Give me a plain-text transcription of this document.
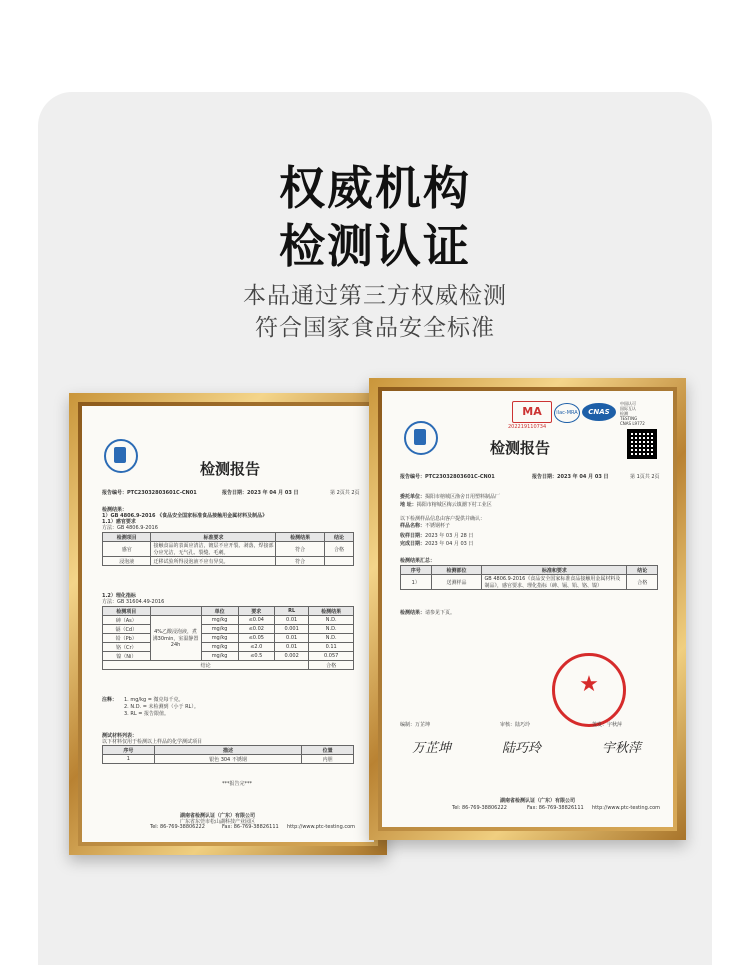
权威机构
检测认证
本品通过第三方权威检测
符合国家食品安全标准
检测报告
报告编号：PTC23032803601C-CN01	报告日期：2023 年 04 月 03 日	第 2页共 2页
检测结果：
1）GB 4806.9-2016 《食品安全国家标准食品接触用金属材料及制品》
1.1）感官要求
方法：GB 4806.9-2016
检测项目	标准要求	检测结果	结论
感官	接触食品的表面应清洁，镀层不应开裂、剥落，焊接部分应光洁，无气孔、裂缝、毛刺。	符合	合格
浸泡液	迁移试验所得浸泡液不应有异臭。	符合	
1.2）理化指标
方法：GB 31604.49-2016
检测项目		单位	要求	RL	检测结果
砷（As）	4%乙酸浸泡液，煮沸30min，室温静置24h	mg/kg	≤0.04	0.01	N.D.
镉（Cd）		mg/kg	≤0.02	0.001	N.D.
铅（Pb）		mg/kg	≤0.05	0.01	N.D.
铬（Cr）		mg/kg	≤2.0	0.01	0.11
镍（Ni）		mg/kg	≤0.5	0.002	0.057
结论					合格
注释： 1. mg/kg = 微克每千克。
2. N.D. = 未检测到（小于 RL）。
3. RL = 报告限值。
测试材料列表：
以下材料仅用于检测以上样品的化学测试项目
序号	描述	位置
1	银色 304 不锈钢	内胆
***报告完***
湖南省检测认证（广东）有限公司
广东省东莞市松山湖科技产业园区
Tel: 86-769-38806222	Fax: 86-769-38826111 http://www.ptc-testing.com
MA
202219110734
ilac-MRA	CNAS
中国认可
国际互认
检测
TESTING
CNAS L9772
检测报告
报告编号：PTC23032803601C-CN01	报告日期：2023 年 04 月 03 日	第 1页共 2页
委托单位：揭阳市榕城区渔舍日用塑料制品厂
地 址：揭阳市榕城区梅云镇潮下村工业区
以下检测样品信息由客户提供并确认：
样品名称：不锈钢杯子
收样日期：2023 年 03 月 28 日
完成日期：2023 年 04 月 03 日
检测结果汇总：
序号	检测部位	标准和要求	结论
1）	送测样品	GB 4806.9-2016《食品安全国家标准食品接触用金属材料及制品》，感官要求、理化指标（砷、镉、铅、铬、镍）	合格
检测结果：请参见下页。
★
编制：万芷坤	审核：陆巧玲	签发：宇秋萍
万芷坤	陆巧玲	宇秋萍
湖南省检测认证（广东）有限公司
Tel: 86-769-38806222	Fax: 86-769-38826111 http://www.ptc-testing.com
